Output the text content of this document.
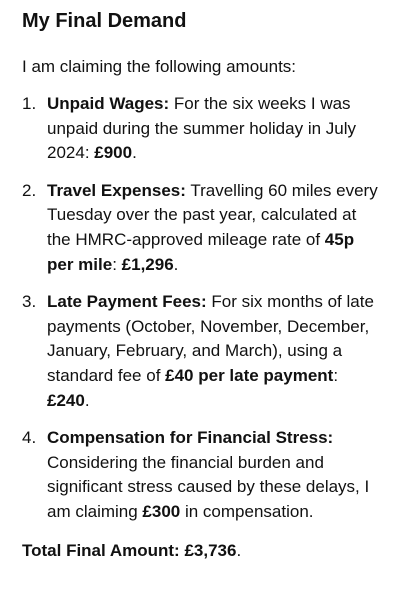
My Final Demand
I am claiming the following amounts:
1. Unpaid Wages: For the six weeks I was unpaid during the summer holiday in July 2024: £900.
2. Travel Expenses: Travelling 60 miles every Tuesday over the past year, calculated at the HMRC-approved mileage rate of 45p per mile: £1,296.
3. Late Payment Fees: For six months of late payments (October, November, December, January, February, and March), using a standard fee of £40 per late payment: £240.
4. Compensation for Financial Stress: Considering the financial burden and significant stress caused by these delays, I am claiming £300 in compensation.
Total Final Amount: £3,736.
